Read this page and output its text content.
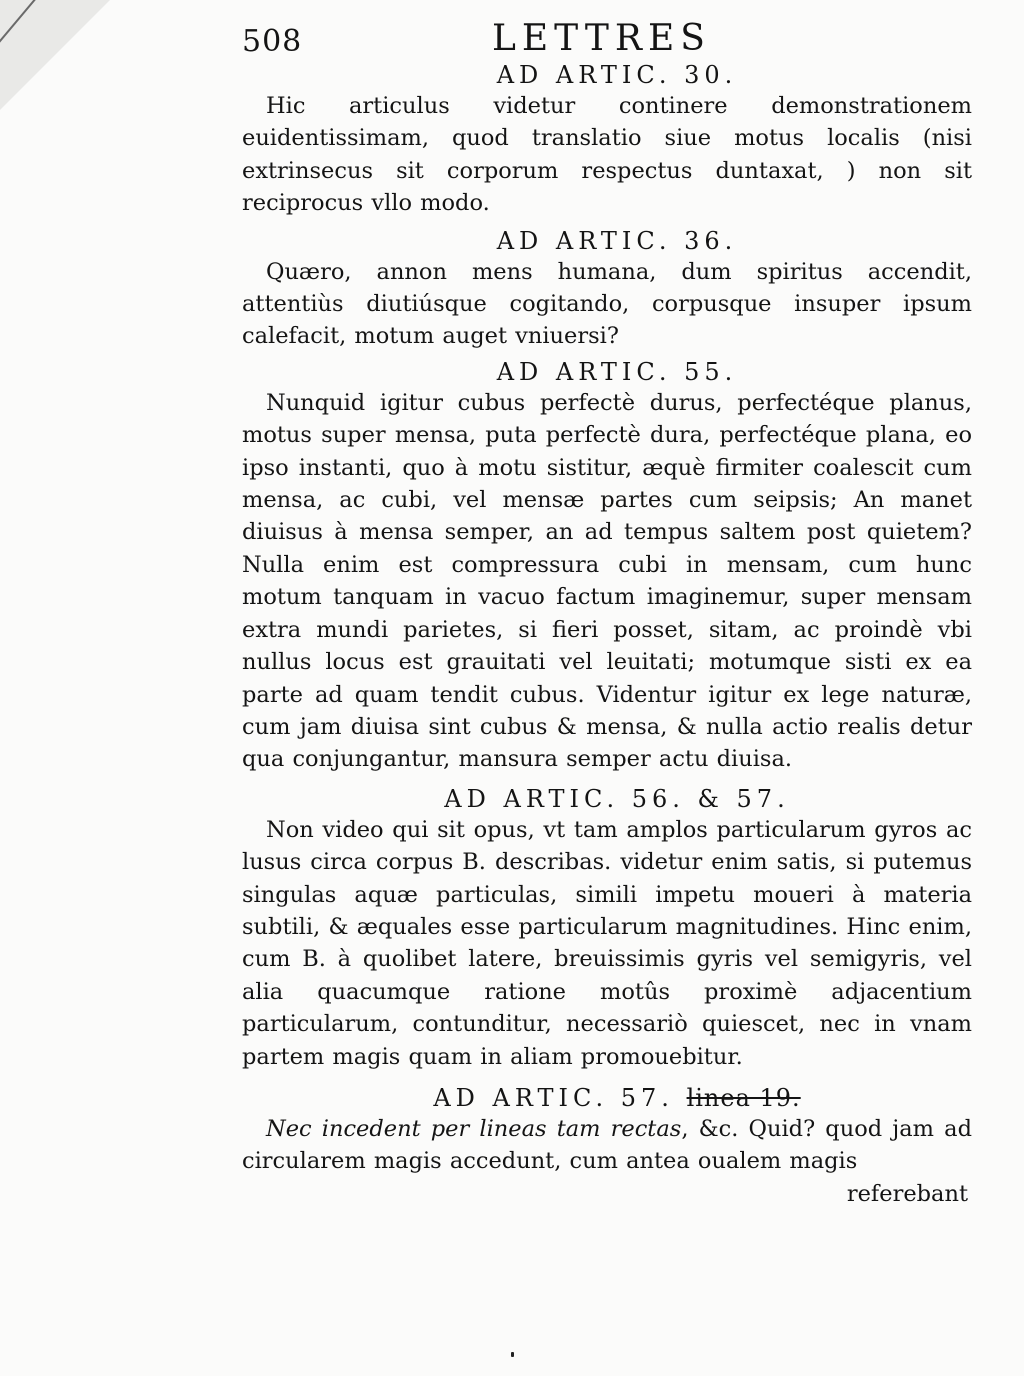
508	LETTRES
AD ARTIC. 30.

Hic articulus videtur continere demonstrationem euidentissimam, quod translatio siue motus localis (nisi extrinsecus sit corporum respectus duntaxat, ) non sit reciprocus vllo modo.

AD ARTIC. 36.

Quæro, annon mens humana, dum spiritus accendit, attentiùs diutiúsque cogitando, corpusque insuper ipsum calefacit, motum auget vniuersi?

AD ARTIC. 55.

Nunquid igitur cubus perfectè durus, perfectéque planus, motus super mensa, puta perfectè dura, perfectéque plana, eo ipso instanti, quo à motu sistitur, æquè firmiter coalescit cum mensa, ac cubi, vel mensæ partes cum seipsis; An manet diuisus à mensa semper, an ad tempus saltem post quietem? Nulla enim est compressura cubi in mensam, cum hunc motum tanquam in vacuo factum imaginemur, super mensam extra mundi parietes, si fieri posset, sitam, ac proindè vbi nullus locus est grauitati vel leuitati; motumque sisti ex ea parte ad quam tendit cubus. Videntur igitur ex lege naturæ, cum jam diuisa sint cubus & mensa, & nulla actio realis detur qua conjungantur, mansura semper actu diuisa.

AD ARTIC. 56. & 57.

Non video qui sit opus, vt tam amplos particularum gyros ac lusus circa corpus B. describas. videtur enim satis, si putemus singulas aquæ particulas, simili impetu moueri à materia subtili, & æquales esse particularum magnitudines. Hinc enim, cum B. à quolibet latere, breuissimis gyris vel semigyris, vel alia quacumque ratione motûs proximè adjacentium particularum, contunditur, necessariò quiescet, nec in vnam partem magis quam in aliam promouebitur.

AD ARTIC. 57. linea 19.

Nec incedent per lineas tam rectas, &c. Quid? quod jam ad circularem magis accedunt, cum antea oualem magis

referebant
